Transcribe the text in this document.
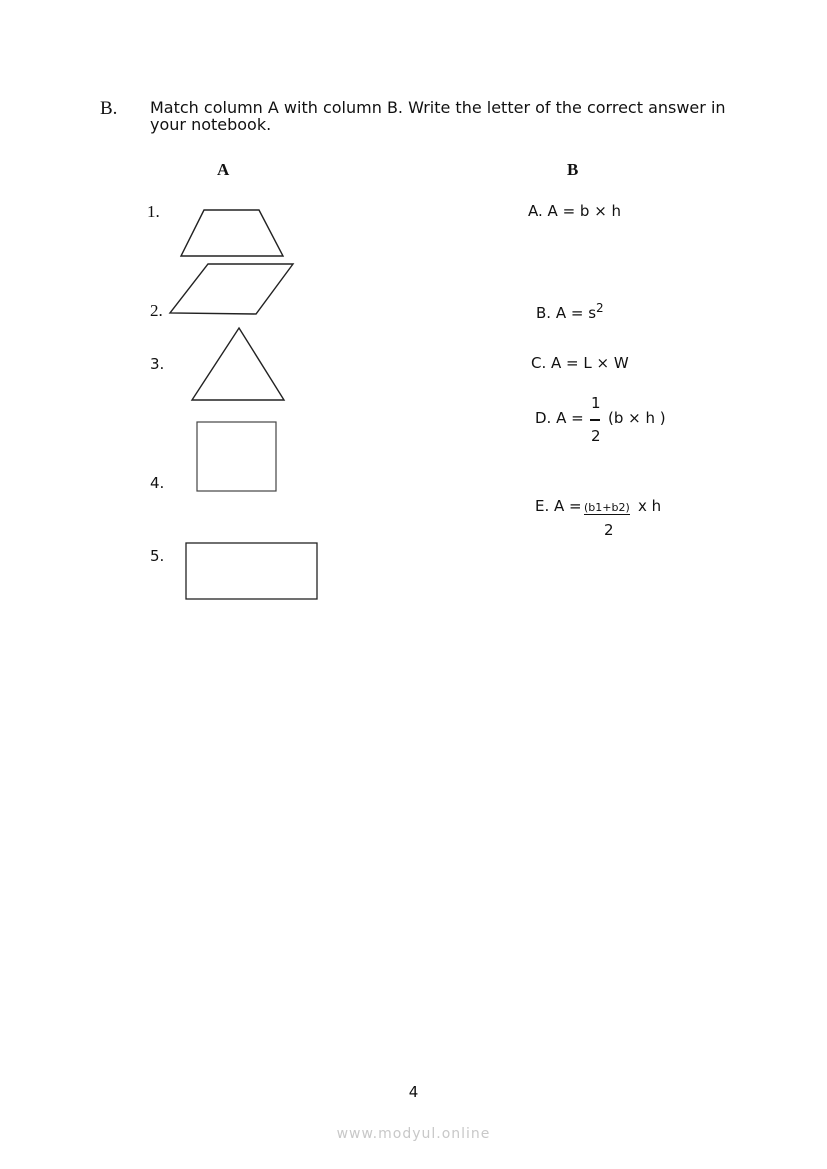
B. Match column A with column B. Write the letter of the correct answer in your notebook.
A	B
1.
2.
3.
4.
5.
A. A = b × h
B. $A = s^2$
C. A = L × W
D. A =
1
2
(b × h )
E. A = (b1+b2) x h
2
4
www.modyul.online
